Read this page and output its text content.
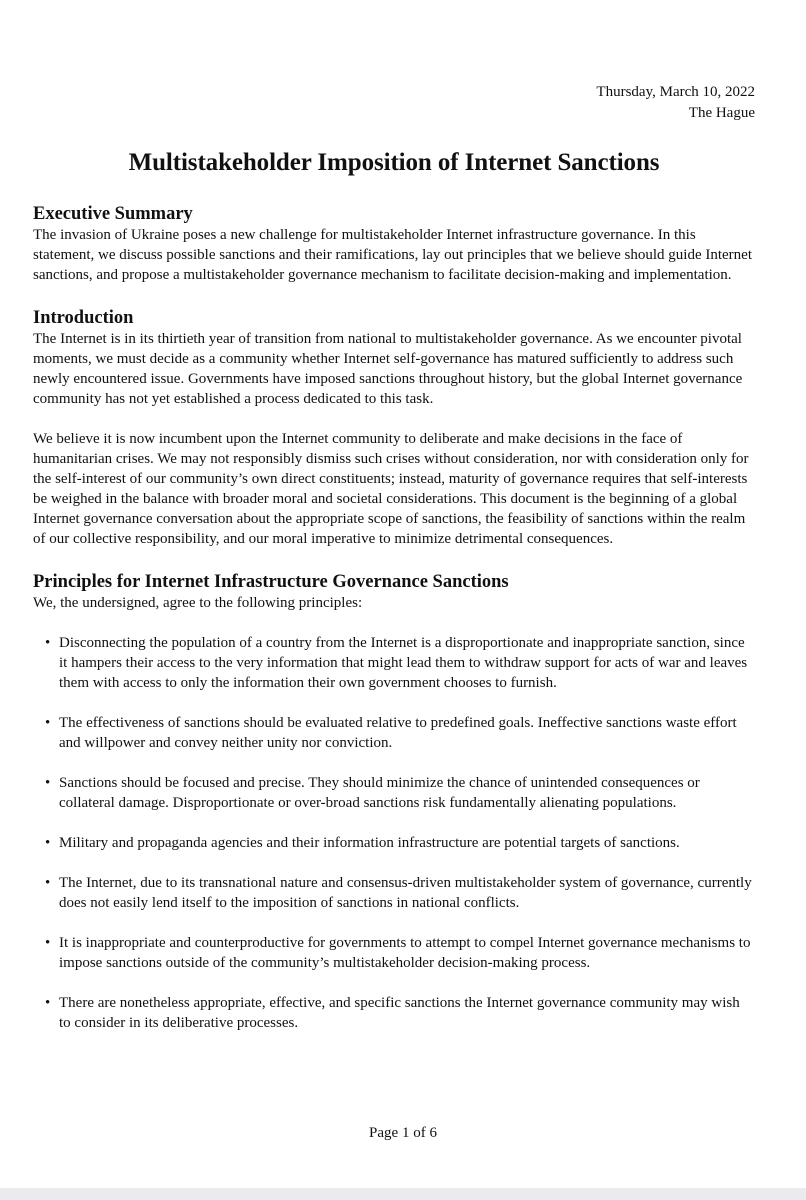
Thursday, March 10, 2022
The Hague
Multistakeholder Imposition of Internet Sanctions
Executive Summary

The invasion of Ukraine poses a new challenge for multistakeholder Internet infrastructure governance. In this statement, we discuss possible sanctions and their ramifications, lay out principles that we believe should guide Internet sanctions, and propose a multistakeholder governance mechanism to facilitate decision-making and implementation.

Introduction

The Internet is in its thirtieth year of transition from national to multistakeholder governance. As we encounter pivotal moments, we must decide as a community whether Internet self-governance has matured sufficiently to address such newly encountered issue. Governments have imposed sanctions throughout history, but the global Internet governance community has not yet established a process dedicated to this task.

We believe it is now incumbent upon the Internet community to deliberate and make decisions in the face of humanitarian crises. We may not responsibly dismiss such crises without consideration, nor with consideration only for the self-interest of our community’s own direct constituents; instead, maturity of governance requires that self-interests be weighed in the balance with broader moral and societal considerations. This document is the beginning of a global Internet governance conversation about the appropriate scope of sanctions, the feasibility of sanctions within the realm of our collective responsibility, and our moral imperative to minimize detrimental consequences.

Principles for Internet Infrastructure Governance Sanctions

We, the undersigned, agree to the following principles:

• Disconnecting the population of a country from the Internet is a disproportionate and inappropriate sanction, since it hampers their access to the very information that might lead them to withdraw support for acts of war and leaves them with access to only the information their own government chooses to furnish.
• The effectiveness of sanctions should be evaluated relative to predefined goals. Ineffective sanctions waste effort and willpower and convey neither unity nor conviction.
• Sanctions should be focused and precise. They should minimize the chance of unintended consequences or collateral damage. Disproportionate or over-broad sanctions risk fundamentally alienating populations.
• Military and propaganda agencies and their information infrastructure are potential targets of sanctions.
• The Internet, due to its transnational nature and consensus-driven multistakeholder system of governance, currently does not easily lend itself to the imposition of sanctions in national conflicts.
• It is inappropriate and counterproductive for governments to attempt to compel Internet governance mechanisms to impose sanctions outside of the community’s multistakeholder decision-making process.
• There are nonetheless appropriate, effective, and specific sanctions the Internet governance community may wish to consider in its deliberative processes.
Page 1 of 6
